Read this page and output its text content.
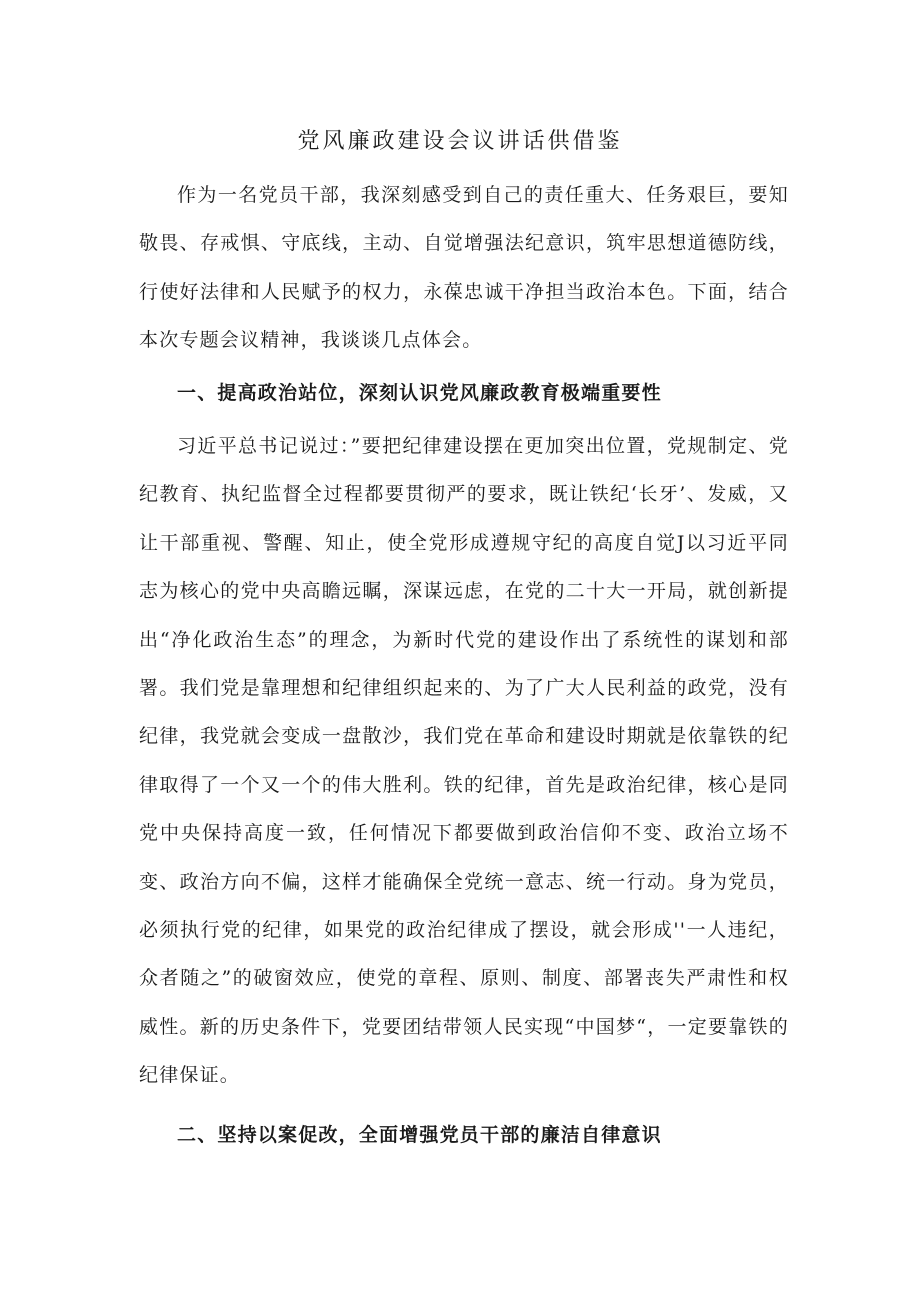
党风廉政建设会议讲话供借鉴

作为一名党员干部，我深刻感受到自己的责任重大、任务艰巨，要知敬畏、存戒惧、守底线，主动、自觉增强法纪意识，筑牢思想道德防线，行使好法律和人民赋予的权力，永葆忠诚干净担当政治本色。下面，结合本次专题会议精神，我谈谈几点体会。

一、提高政治站位，深刻认识党风廉政教育极端重要性

习近平总书记说过：”要把纪律建设摆在更加突出位置，党规制定、党纪教育、执纪监督全过程都要贯彻严的要求，既让铁纪‘长牙’、发威，又让干部重视、警醒、知止，使全党形成遵规守纪的高度自觉J以习近平同志为核心的党中央高瞻远瞩，深谋远虑，在党的二十大一开局，就创新提出“净化政治生态”的理念，为新时代党的建设作出了系统性的谋划和部署。我们党是靠理想和纪律组织起来的、为了广大人民利益的政党，没有纪律，我党就会变成一盘散沙，我们党在革命和建设时期就是依靠铁的纪律取得了一个又一个的伟大胜利。铁的纪律，首先是政治纪律，核心是同党中央保持高度一致，任何情况下都要做到政治信仰不变、政治立场不变、政治方向不偏，这样才能确保全党统一意志、统一行动。身为党员，必须执行党的纪律，如果党的政治纪律成了摆设，就会形成''一人违纪，众者随之”的破窗效应，使党的章程、原则、制度、部署丧失严肃性和权威性。新的历史条件下，党要团结带领人民实现“中国梦“，一定要靠铁的纪律保证。

二、坚持以案促改，全面增强党员干部的廉洁自律意识
